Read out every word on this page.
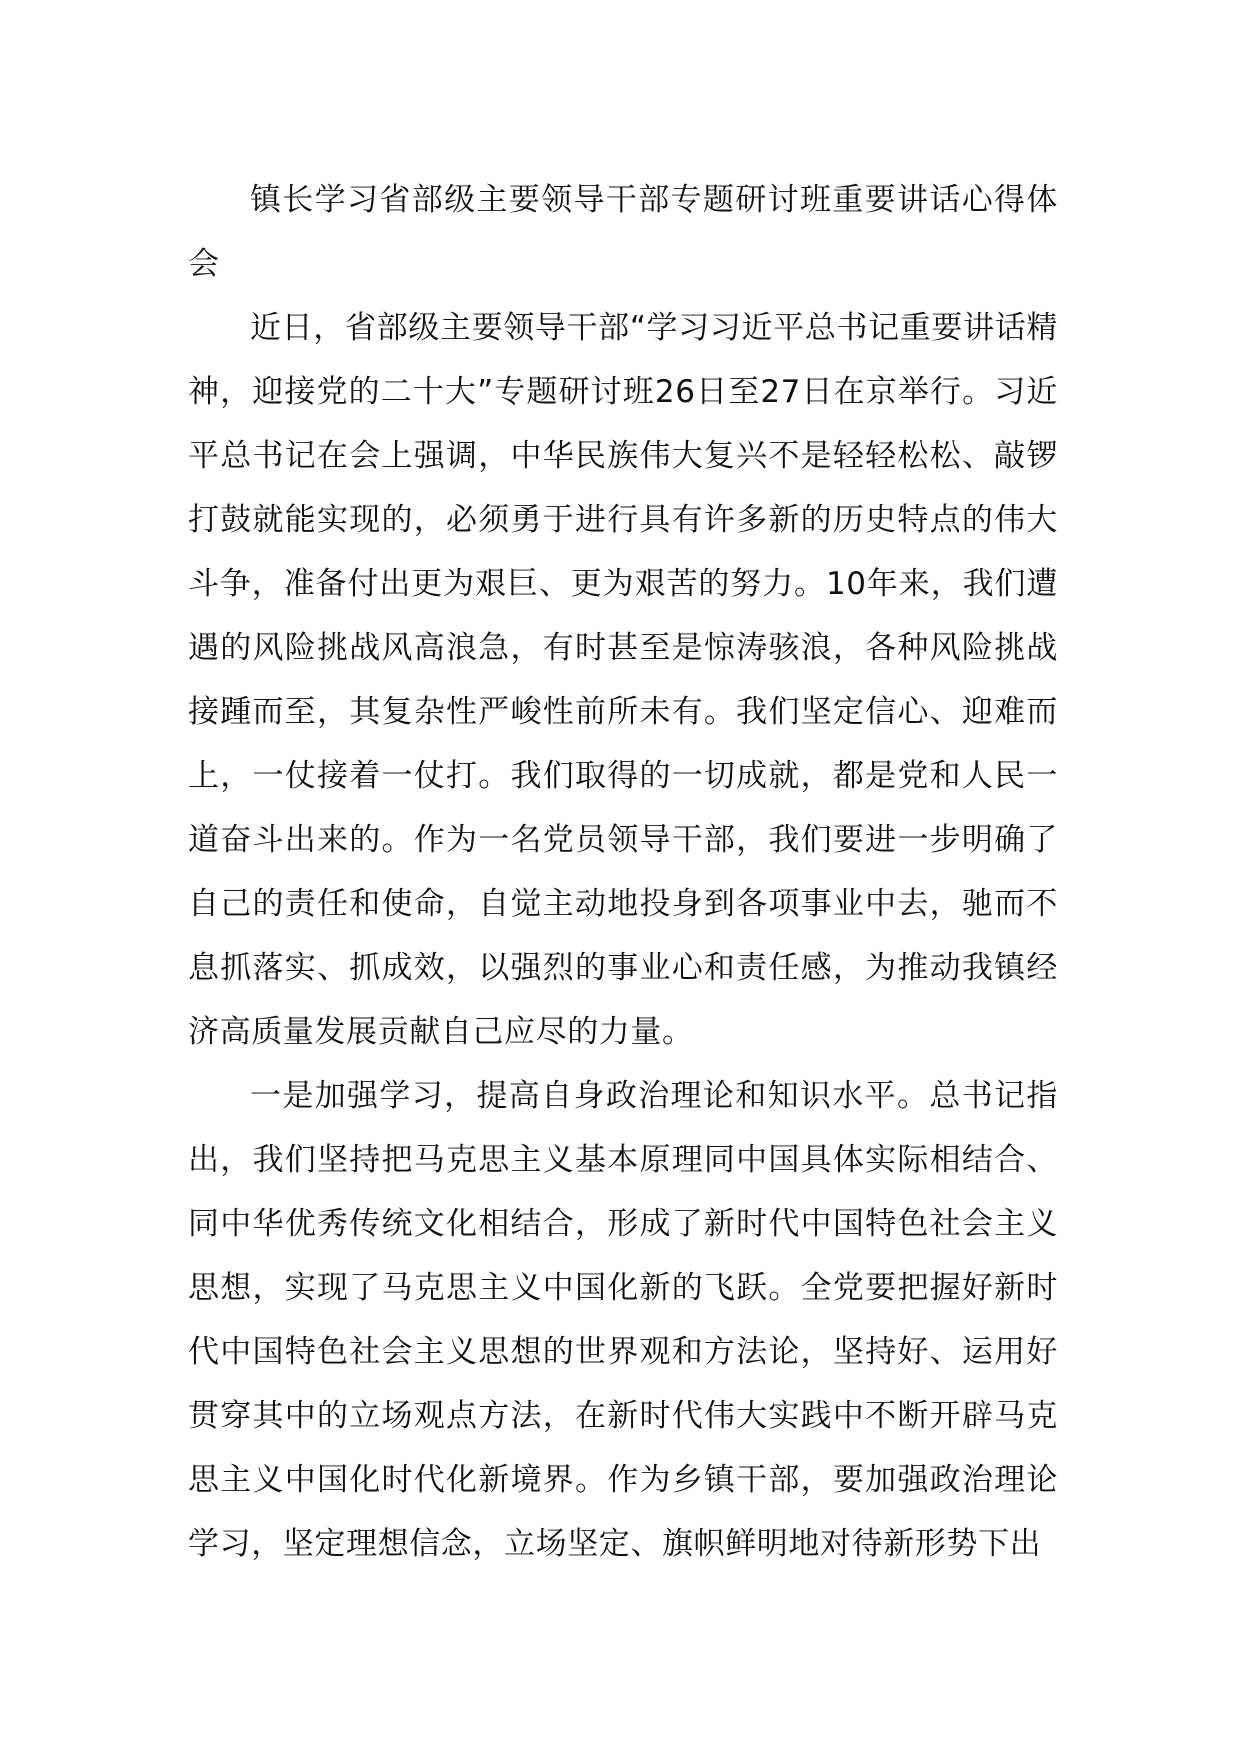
镇长学习省部级主要领导干部专题研讨班重要讲话心得体会

近日，省部级主要领导干部“学习习近平总书记重要讲话精神，迎接党的二十大”专题研讨班26日至27日在京举行。习近平总书记在会上强调，中华民族伟大复兴不是轻轻松松、敲锣打鼓就能实现的，必须勇于进行具有许多新的历史特点的伟大斗争，准备付出更为艰巨、更为艰苦的努力。10年来，我们遭遇的风险挑战风高浪急，有时甚至是惊涛骇浪，各种风险挑战接踵而至，其复杂性严峻性前所未有。我们坚定信心、迎难而上，一仗接着一仗打。我们取得的一切成就，都是党和人民一道奋斗出来的。作为一名党员领导干部，我们要进一步明确了自己的责任和使命，自觉主动地投身到各项事业中去，驰而不息抓落实、抓成效，以强烈的事业心和责任感，为推动我镇经济高质量发展贡献自己应尽的力量。

一是加强学习，提高自身政治理论和知识水平。总书记指出，我们坚持把马克思主义基本原理同中国具体实际相结合、同中华优秀传统文化相结合，形成了新时代中国特色社会主义思想，实现了马克思主义中国化新的飞跃。全党要把握好新时代中国特色社会主义思想的世界观和方法论，坚持好、运用好贯穿其中的立场观点方法，在新时代伟大实践中不断开辟马克思主义中国化时代化新境界。作为乡镇干部，要加强政治理论学习，坚定理想信念，立场坚定、旗帜鲜明地对待新形势下出
